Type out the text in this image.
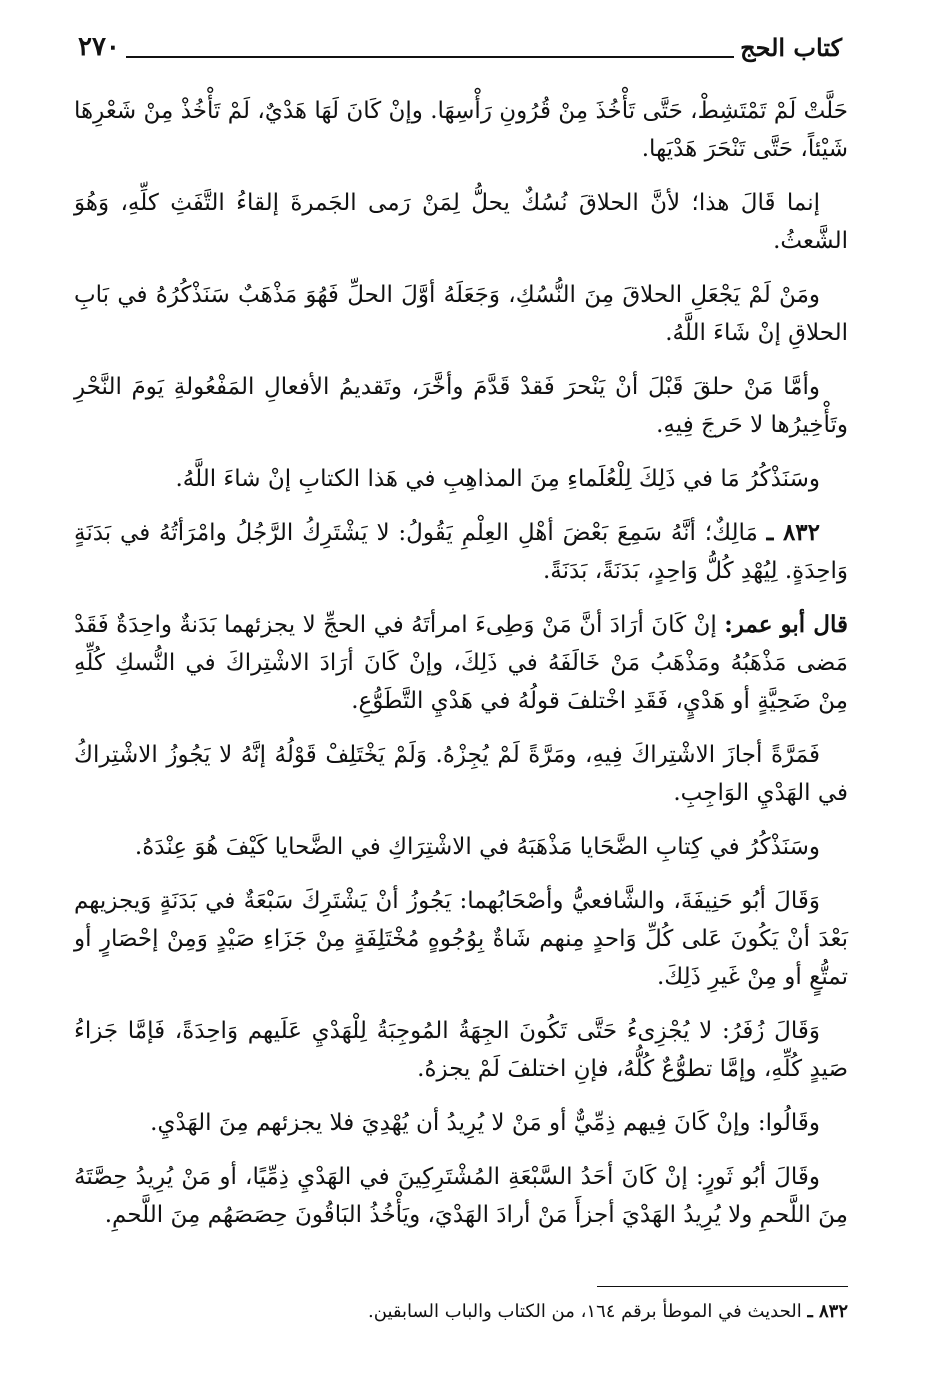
كتاب الحج
٢٧٠

حَلَّتْ لَمْ تَمْتَشِطْ، حَتَّى تَأْخُذَ مِنْ قُرُونِ رَأْسِهَا. وإنْ كَانَ لَهَا هَدْيٌ، لَمْ تَأْخُذْ مِنْ شَعْرِهَا شَيْئاً، حَتَّى تَنْحَرَ هَدْيَها.

إنما قَالَ هذا؛ لأنَّ الحلاقَ نُسُكٌ يحلُّ لِمَنْ رَمى الجَمرةَ إلقاءُ التَّفَثِ كلِّهِ، وَهُوَ الشَّعثُ.

ومَنْ لَمْ يَجْعَلِ الحلاقَ مِنَ النُّسُكِ، وَجَعَلَهُ أوَّلَ الحلِّ فَهُوَ مَذْهَبٌ سَنَذْكُرُهُ في بَابِ الحلاقِ إنْ شَاءَ اللَّهُ.

وأمَّا مَنْ حلقَ قَبْلَ أنْ يَنْحرَ فَقدْ قَدَّمَ وأخَّرَ، وتَقديمُ الأفعالِ المَفْعُولةِ يَومَ النَّحْرِ وتَأْخِيرُها لا حَرجَ فِيهِ.

وسَنَذْكُرُ مَا في ذَلِكَ لِلْعُلَماءِ مِنَ المذاهِبِ في هَذا الكتابِ إنْ شاءَ اللَّهُ.

٨٣٢ ـ مَالِكٌ؛ أنَّهُ سَمِعَ بَعْضَ أهْلِ العِلْمِ يَقُولُ: لا يَشْتَرِكُ الرَّجُلُ وامْرَأتُهُ في بَدَنَةٍ وَاحِدَةٍ. لِيُهْدِ كُلُّ وَاحِدٍ، بَدَنَةً، بَدَنَةً.

قال أبو عمر: إنْ كَانَ أرَادَ أنَّ مَنْ وَطِىءَ امرأتَهُ في الحجِّ لا يجزئهما بَدَنةٌ واحِدَةٌ فَقَدْ مَضى مَذْهَبُهُ ومَذْهَبُ مَنْ خَالَفَهُ في ذَلِكَ، وإنْ كَانَ أرَادَ الاشْتِراكَ في النُّسكِ كُلِّهِ مِنْ ضَحِيَّةٍ أو هَدْيٍ، فَقَدِ اخْتلفَ قولُهُ في هَدْيِ التَّطَوُّعِ.

فَمَرَّةً أجازَ الاشْتِراكَ فِيهِ، ومَرَّةً لَمْ يُجِزْهُ. وَلَمْ يَخْتَلِفْ قَوْلُهُ إنَّهُ لا يَجُوزُ الاشْتِراكُ في الهَدْيِ الوَاجِبِ.

وسَنَذْكُرُ في كِتابِ الضَّحَايا مَذْهَبَهُ في الاشْتِرَاكِ في الضَّحايا كَيْفَ هُوَ عِنْدَهُ.

وَقَالَ أبُو حَنِيفَةَ، والشَّافعيُّ وأصْحَابُهما: يَجُوزُ أنْ يَشْتَرِكَ سَبْعَةٌ في بَدَنَةٍ وَيجزيهم بَعْدَ أنْ يَكُونَ عَلى كُلِّ وَاحدٍ مِنهم شَاةٌ بِوُجُوهٍ مُخْتَلِفَةٍ مِنْ جَزَاءِ صَيْدٍ وَمِنْ إحْصَارٍ أو تمتُّعٍ أو مِنْ غَيرِ ذَلِكَ.

وَقَالَ زُفَرُ: لا يُجْزِىءُ حَتَّى تَكُونَ الجِهَةُ المُوجِبَةُ لِلْهَدْيِ عَلَيهم وَاحِدَةً، فَإمَّا جَزاءُ صَيدٍ كُلِّهِ، وإمَّا تطوُّعٌ كُلُّهُ، فإنِ اختلفَ لَمْ يجزهُ.

وقَالُوا: وإنْ كَانَ فِيهم ذِمِّيٌّ أو مَنْ لا يُرِيدُ أن يُهْدِيَ فلا يجزئهم مِنَ الهَدْيِ.

وقَالَ أبُو ثَورٍ: إنْ كَانَ أحَدُ السَّبْعَةِ المُشْتَرِكِينَ في الهَدْيِ ذِمِّيًا، أو مَنْ يُرِيدُ حِصَّتَهُ مِنَ اللَّحمِ ولا يُرِيدُ الهَدْيَ أجزأَ مَنْ أرادَ الهَدْيَ، ويَأْخُذُ البَاقُونَ حِصَصَهُم مِنَ اللَّحمِ.

٨٣٢ ـ الحديث في الموطأ برقم ١٦٤، من الكتاب والباب السابقين.
